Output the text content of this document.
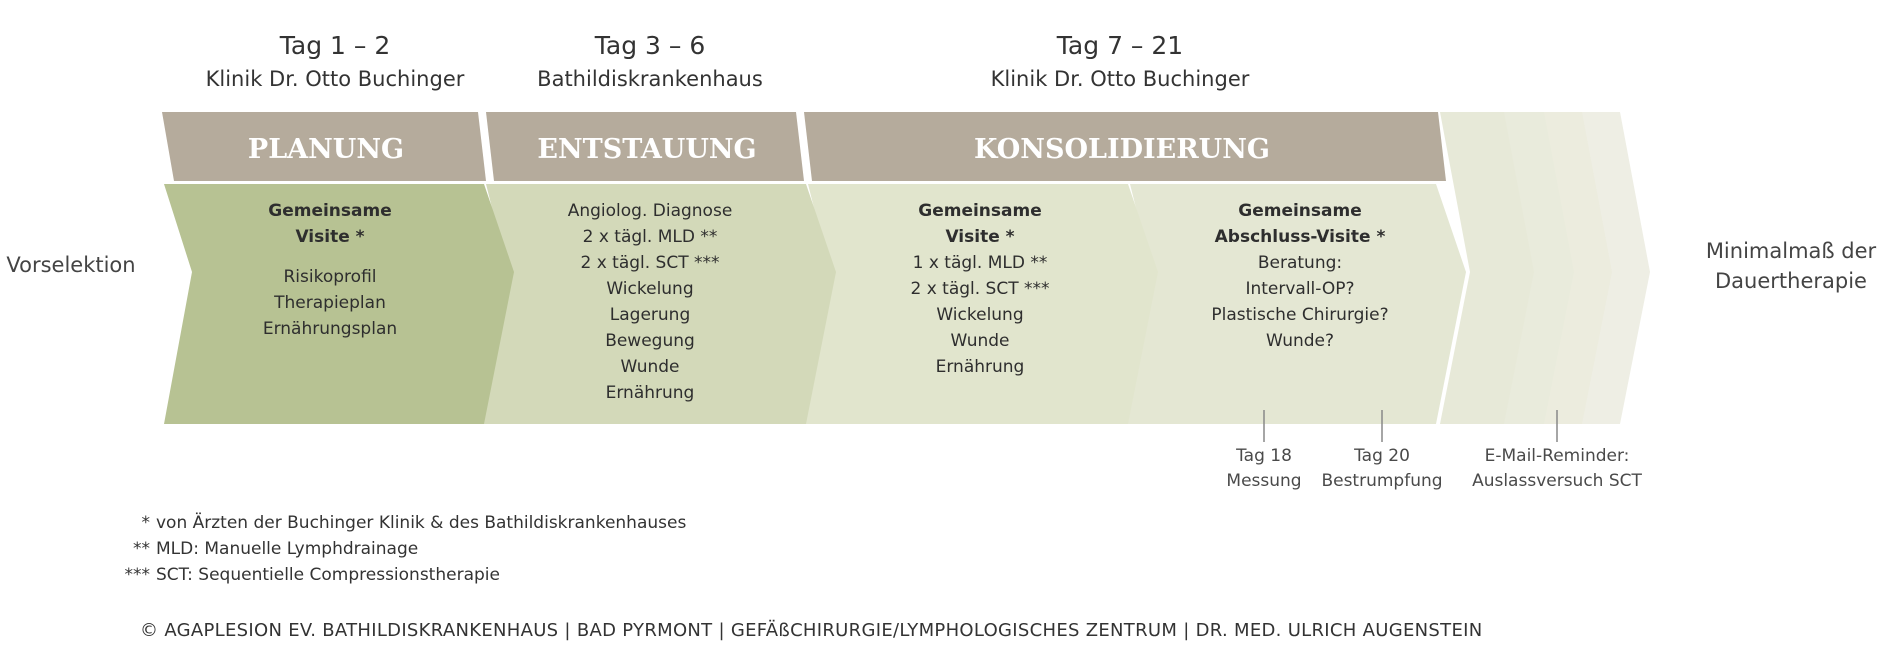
Tag 1 – 2
Klinik Dr. Otto Buchinger
Tag 3 – 6
Bathildiskrankenhaus
Tag 7 – 21
Klinik Dr. Otto Buchinger
PLANUNG	ENTSTAUUNG	KONSOLIDIERUNG
Vorselektion
Minimalmaß der
Dauertherapie
Gemeinsame
Visite *
Risikoprofil
Therapieplan
Ernährungsplan
Angiolog. Diagnose
2 x tägl. MLD **
2 x tägl. SCT ***
Wickelung
Lagerung
Bewegung
Wunde
Ernährung
Gemeinsame
Visite *
1 x tägl. MLD **
2 x tägl. SCT ***
Wickelung
Wunde
Ernährung
Gemeinsame
Abschluss-Visite *
Beratung:
Intervall-OP?
Plastische Chirurgie?
Wunde?
Tag 18
Messung
Tag 20
Bestrumpfung
E-Mail-Reminder:
Auslassversuch SCT
* von Ärzten der Buchinger Klinik & des Bathildiskrankenhauses
** MLD: Manuelle Lymphdrainage
*** SCT: Sequentielle Compressionstherapie
© AGAPLESION EV. BATHILDISKRANKENHAUS | BAD PYRMONT | GEFÄßCHIRURGIE/LYMPHOLOGISCHES ZENTRUM | DR. MED. ULRICH AUGENSTEIN
